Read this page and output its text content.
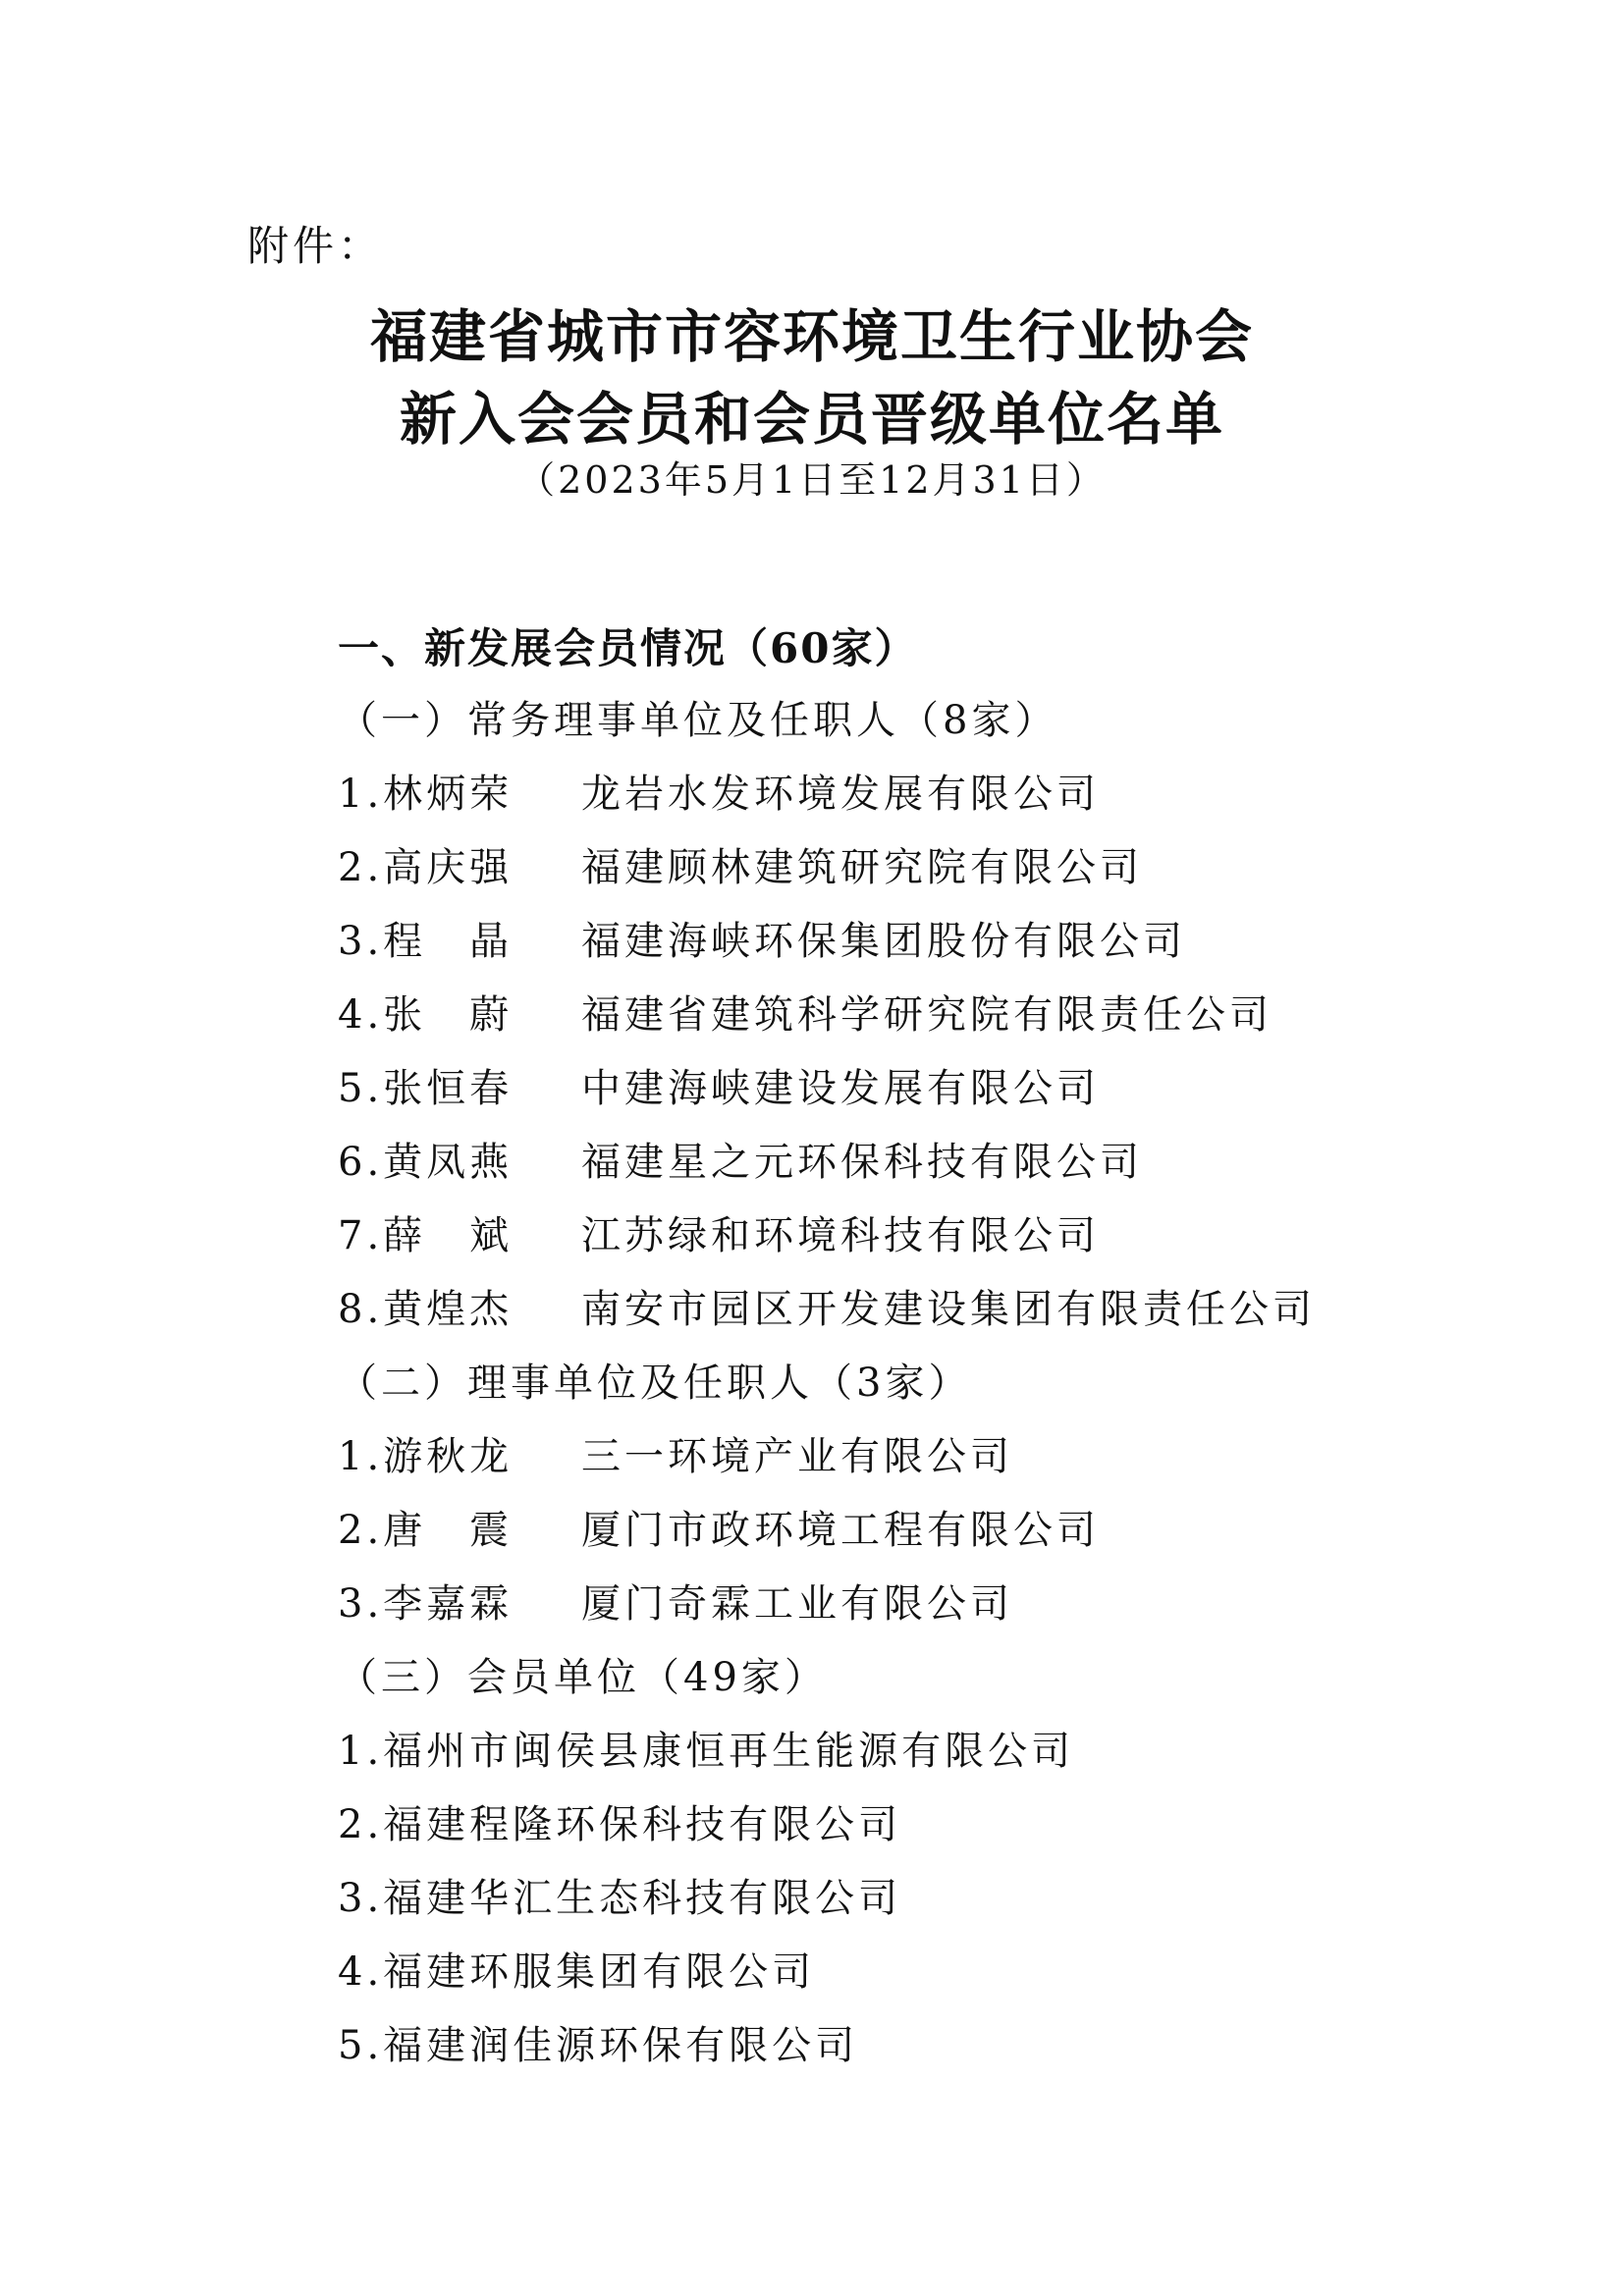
附件：
福建省城市市容环境卫生行业协会
新入会会员和会员晋级单位名单
（2023年5月1日至12月31日）
一、新发展会员情况（60家）
（一）常务理事单位及任职人（8家）
1.林炳荣 龙岩水发环境发展有限公司
2.高庆强 福建顾林建筑研究院有限公司
3.程　晶 福建海峡环保集团股份有限公司
4.张　蔚 福建省建筑科学研究院有限责任公司
5.张恒春 中建海峡建设发展有限公司
6.黄凤燕 福建星之元环保科技有限公司
7.薛　斌 江苏绿和环境科技有限公司
8.黄煌杰 南安市园区开发建设集团有限责任公司
（二）理事单位及任职人（3家）
1.游秋龙 三一环境产业有限公司
2.唐　震 厦门市政环境工程有限公司
3.李嘉霖 厦门奇霖工业有限公司
（三）会员单位（49家）
1.福州市闽侯县康恒再生能源有限公司
2.福建程隆环保科技有限公司
3.福建华汇生态科技有限公司
4.福建环服集团有限公司
5.福建润佳源环保有限公司
